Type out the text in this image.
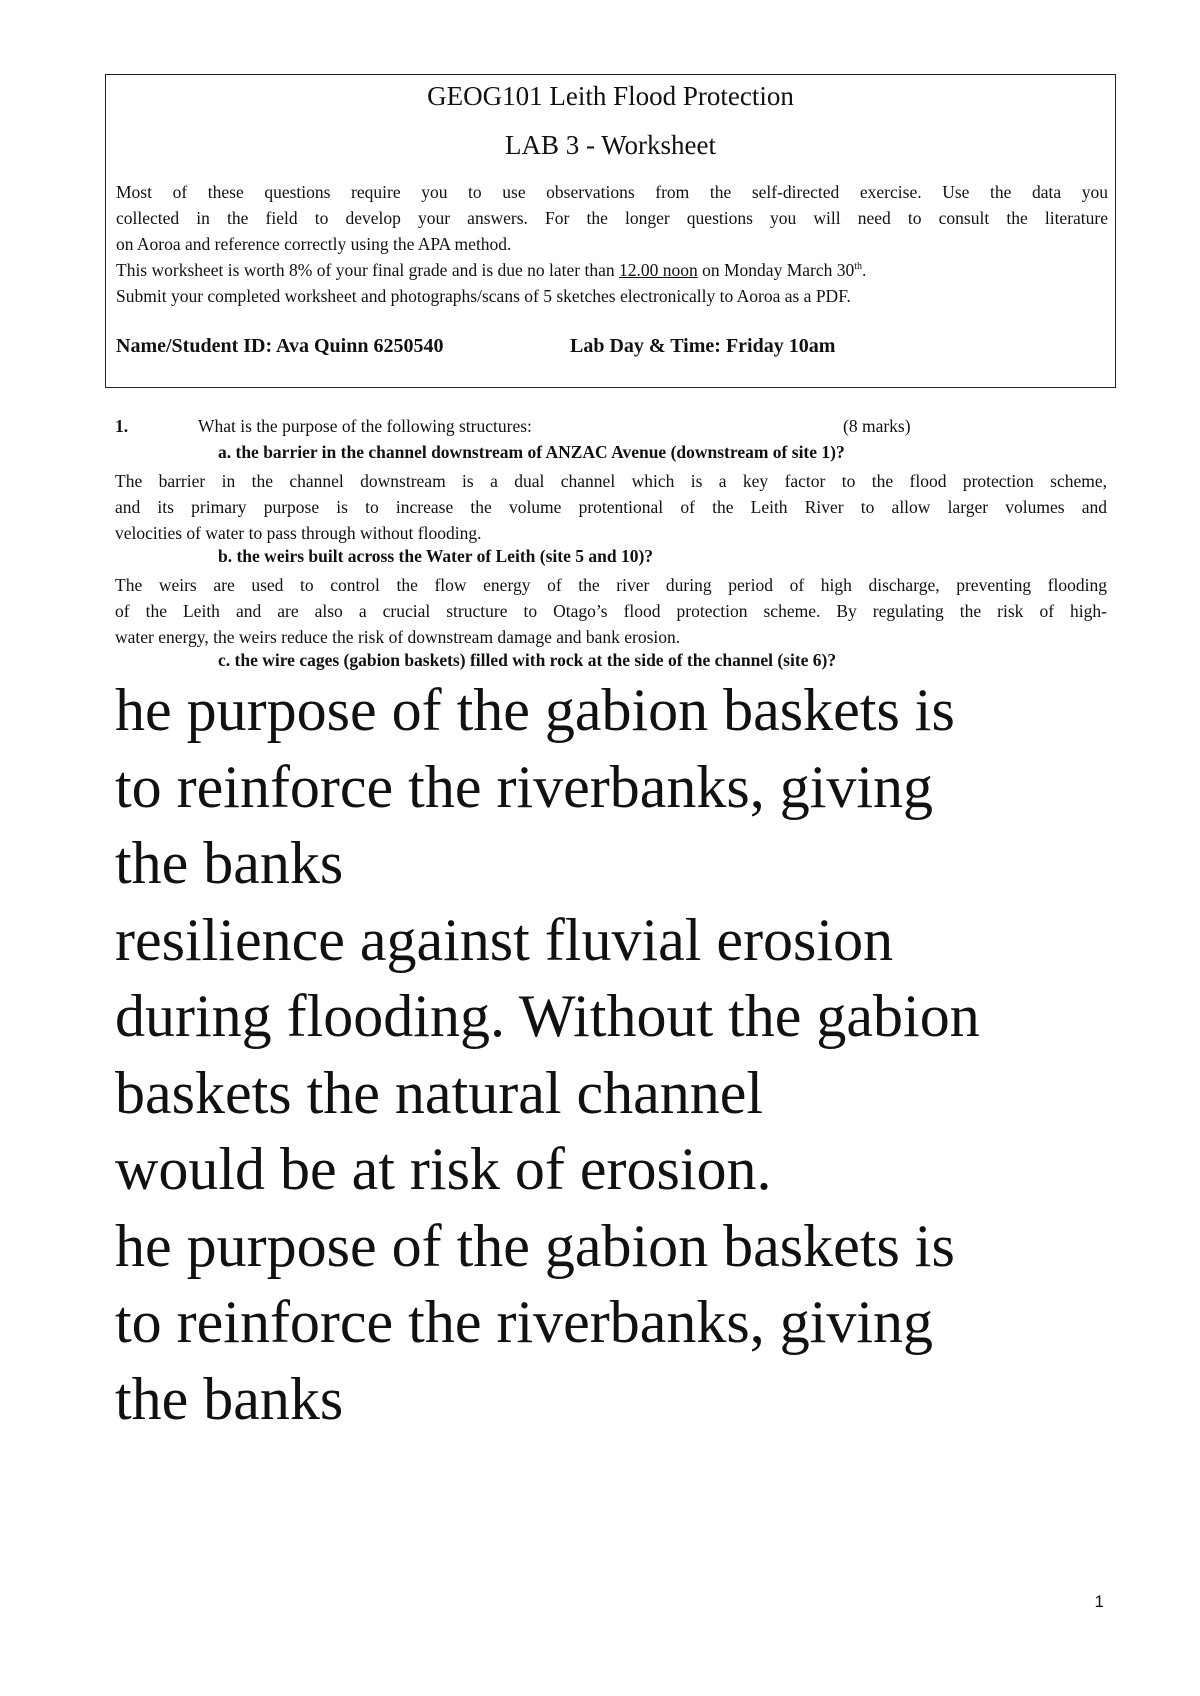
GEOG101 Leith Flood Protection
LAB 3 - Worksheet
Most of these questions require you to use observations from the self-directed exercise. Use the data you
collected in the field to develop your answers. For the longer questions you will need to consult the literature
on Aoroa and reference correctly using the APA method.
This worksheet is worth 8% of your final grade and is due no later than 12.00 noon on Monday March 30th.
Submit your completed worksheet and photographs/scans of 5 sketches electronically to Aoroa as a PDF.
Name/Student ID: Ava Quinn 6250540	Lab Day & Time: Friday 10am
1.	What is the purpose of the following structures:	(8 marks)
a. the barrier in the channel downstream of ANZAC Avenue (downstream of site 1)?
The barrier in the channel downstream is a dual channel which is a key factor to the flood protection scheme,
and its primary purpose is to increase the volume protentional of the Leith River to allow larger volumes and
velocities of water to pass through without flooding.
b. the weirs built across the Water of Leith (site 5 and 10)?
The weirs are used to control the flow energy of the river during period of high discharge, preventing flooding
of the Leith and are also a crucial structure to Otago’s flood protection scheme. By regulating the risk of high-
water energy, the weirs reduce the risk of downstream damage and bank erosion.
c. the wire cages (gabion baskets) filled with rock at the side of the channel (site 6)?
he purpose of the gabion baskets is
to reinforce the riverbanks, giving
the banks
resilience against fluvial erosion
during flooding. Without the gabion
baskets the natural channel
would be at risk of erosion.
he purpose of the gabion baskets is
to reinforce the riverbanks, giving
the banks
1
